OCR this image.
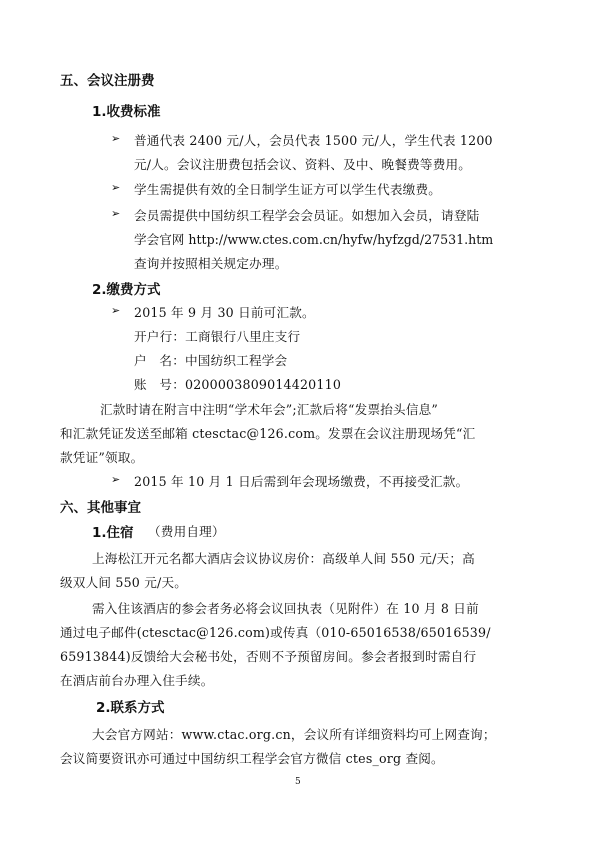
五、会议注册费
1.收费标准
➢ 普通代表 2400 元/人，会员代表 1500 元/人，学生代表 1200
元/人。会议注册费包括会议、资料、及中、晚餐费等费用。
➢ 学生需提供有效的全日制学生证方可以学生代表缴费。
➢ 会员需提供中国纺织工程学会会员证。如想加入会员，请登陆
学会官网 http://www.ctes.com.cn/hyfw/hyfzgd/27531.htm
查询并按照相关规定办理。
2.缴费方式
➢ 2015 年 9 月 30 日前可汇款。
开户行：工商银行八里庄支行
户   名：中国纺织工程学会
账   号：0200003809014420110
汇款时请在附言中注明“学术年会”;汇款后将“发票抬头信息”
和汇款凭证发送至邮箱 ctesctac@126.com。发票在会议注册现场凭“汇
款凭证”领取。
➢ 2015 年 10 月 1 日后需到年会现场缴费，不再接受汇款。
六、其他事宜
1.住宿 （费用自理）
上海松江开元名都大酒店会议协议房价：高级单人间 550 元/天；高
级双人间 550 元/天。
需入住该酒店的参会者务必将会议回执表（见附件）在 10 月 8 日前
通过电子邮件(ctesctac@126.com)或传真（010-65016538/65016539/
65913844)反馈给大会秘书处，否则不予预留房间。参会者报到时需自行
在酒店前台办理入住手续。
2.联系方式
大会官方网站：www.ctac.org.cn，会议所有详细资料均可上网查询；
会议简要资讯亦可通过中国纺织工程学会官方微信 ctes_org 查阅。
5
